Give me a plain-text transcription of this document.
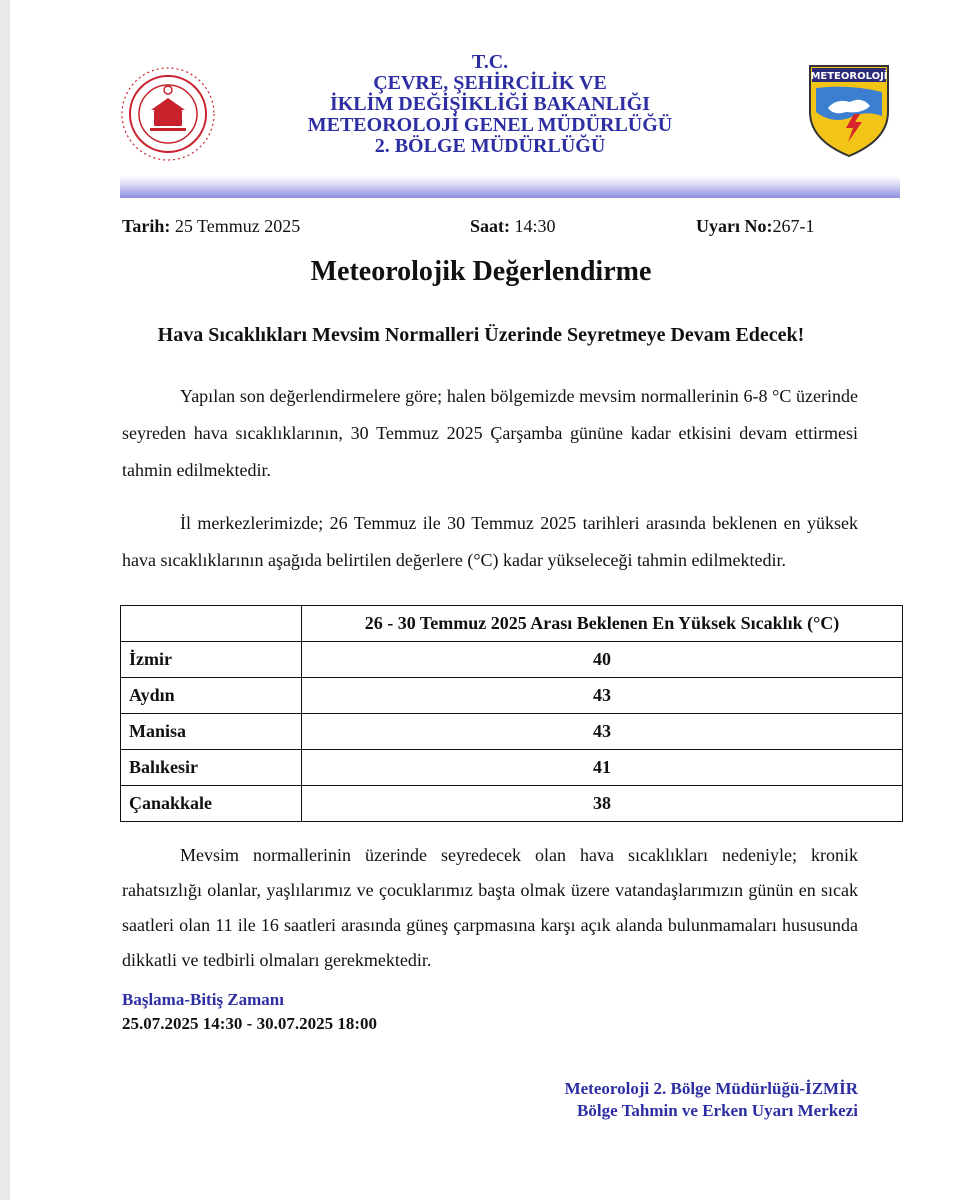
METEOROLOJİ
T.C.
ÇEVRE, ŞEHİRCİLİK VE
İKLİM DEĞİŞİKLİĞİ BAKANLIĞI
METEOROLOJİ GENEL MÜDÜRLÜĞÜ
2. BÖLGE MÜDÜRLÜĞÜ
Tarih: 25 Temmuz 2025	Saat: 14:30	Uyarı No:267-1
Meteorolojik Değerlendirme
Hava Sıcaklıkları Mevsim Normalleri Üzerinde Seyretmeye Devam Edecek!
Yapılan son değerlendirmelere göre; halen bölgemizde mevsim normallerinin 6-8 °C üzerinde seyreden hava sıcaklıklarının, 30 Temmuz 2025 Çarşamba gününe kadar etkisini devam ettirmesi tahmin edilmektedir.
İl merkezlerimizde; 26 Temmuz ile 30 Temmuz 2025 tarihleri arasında beklenen en yüksek hava sıcaklıklarının aşağıda belirtilen değerlere (°C) kadar yükseleceği tahmin edilmektedir.
	26 - 30 Temmuz 2025 Arası Beklenen En Yüksek Sıcaklık (°C)
İzmir	40
Aydın	43
Manisa	43
Balıkesir	41
Çanakkale	38
Mevsim normallerinin üzerinde seyredecek olan hava sıcaklıkları nedeniyle; kronik rahatsızlığı olanlar, yaşlılarımız ve çocuklarımız başta olmak üzere vatandaşlarımızın günün en sıcak saatleri olan 11 ile 16 saatleri arasında güneş çarpmasına karşı açık alanda bulunmamaları hususunda dikkatli ve tedbirli olmaları gerekmektedir.
Başlama-Bitiş Zamanı
25.07.2025 14:30 - 30.07.2025 18:00
Meteoroloji 2. Bölge Müdürlüğü-İZMİR
Bölge Tahmin ve Erken Uyarı Merkezi
